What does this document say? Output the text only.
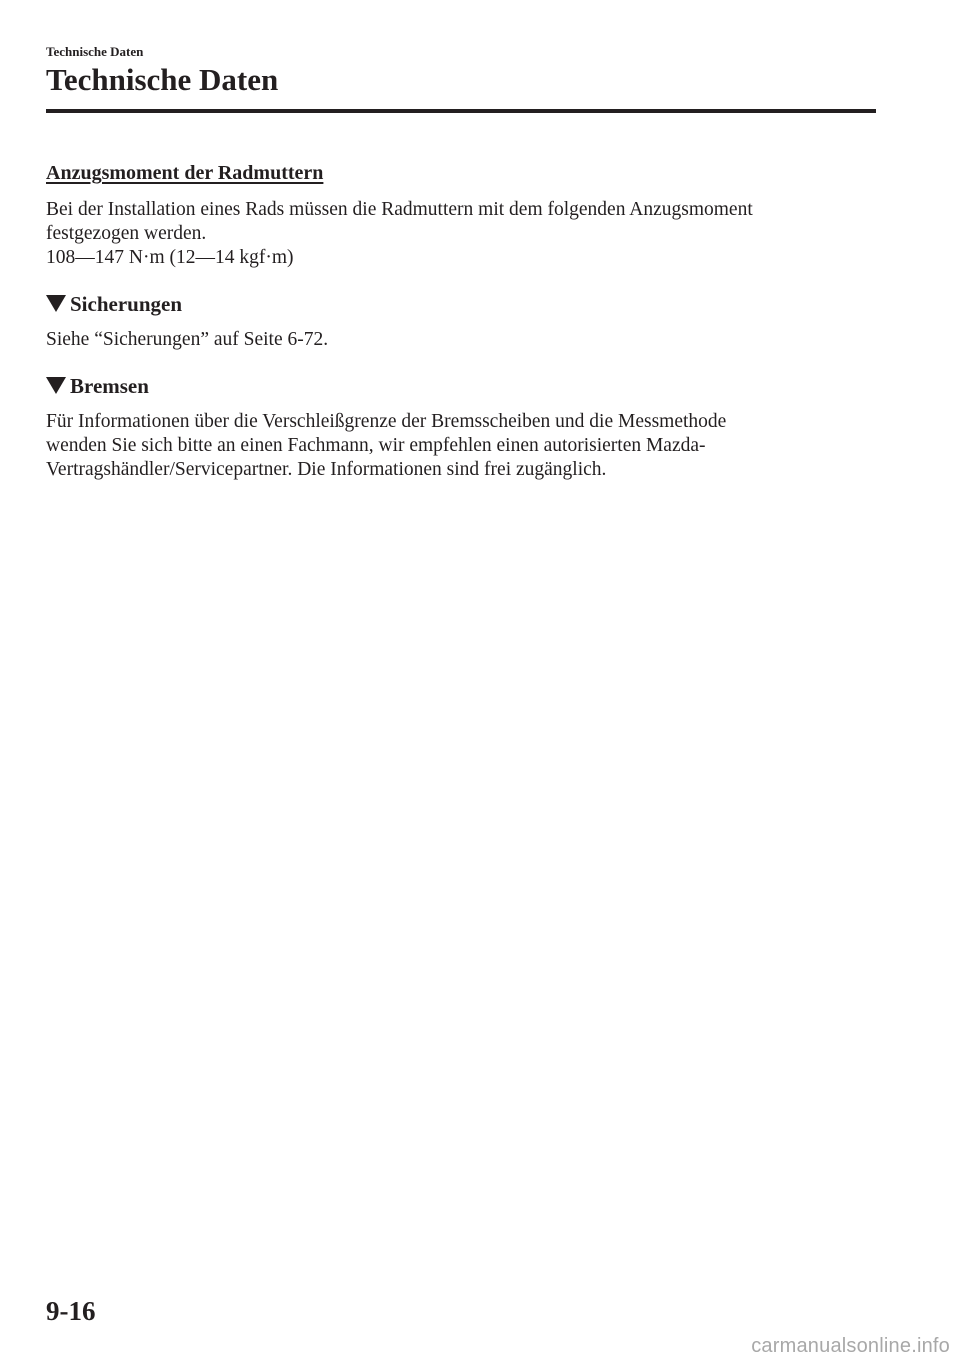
Technische Daten
Technische Daten
Anzugsmoment der Radmuttern

Bei der Installation eines Rads müssen die Radmuttern mit dem folgenden Anzugsmoment

festgezogen werden.

108—147 N·m (12—14 kgf·m)

Sicherungen

Siehe “Sicherungen” auf Seite 6-72.

Bremsen

Für Informationen über die Verschleißgrenze der Bremsscheiben und die Messmethode

wenden Sie sich bitte an einen Fachmann, wir empfehlen einen autorisierten Mazda-

Vertragshändler/Servicepartner. Die Informationen sind frei zugänglich.

9-16
carmanualsonline.info
